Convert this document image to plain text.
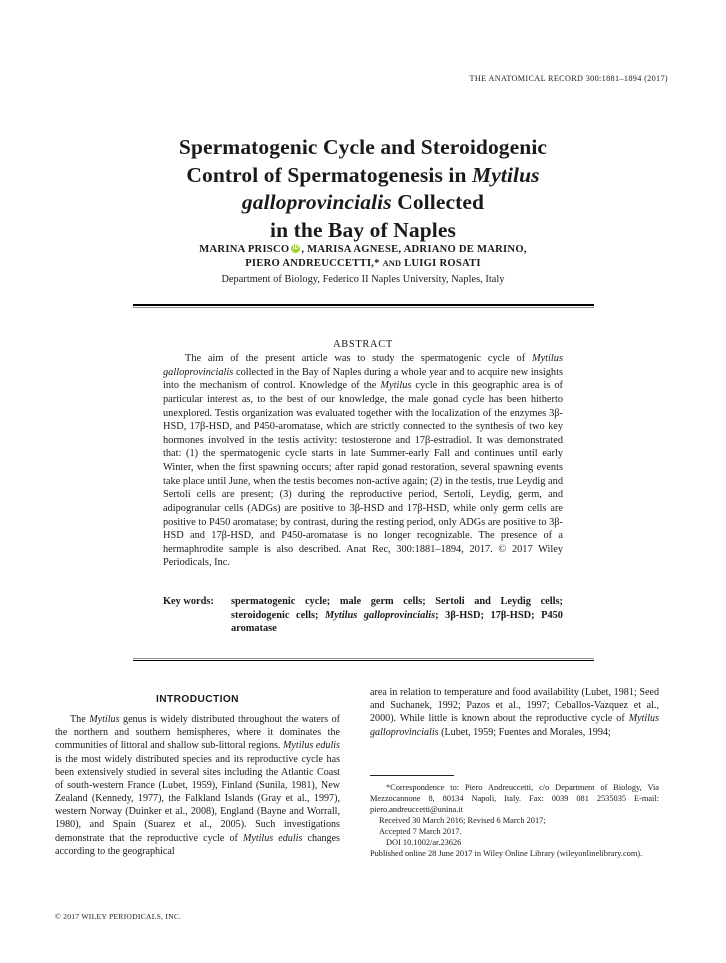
THE ANATOMICAL RECORD 300:1881–1894 (2017)
Spermatogenic Cycle and Steroidogenic
Control of Spermatogenesis in Mytilus
galloprovincialis Collected
in the Bay of Naples
MARINA PRISCO iD , MARISA AGNESE, ADRIANO DE MARINO,
PIERO ANDREUCCETTI,* AND LUIGI ROSATI
Department of Biology, Federico II Naples University, Naples, Italy
ABSTRACT
The aim of the present article was to study the spermatogenic cycle of Mytilus galloprovincialis collected in the Bay of Naples during a whole year and to acquire new insights into the mechanism of control. Knowledge of the Mytilus cycle in this geographic area is of particular interest as, to the best of our knowledge, the male gonad cycle has been hitherto unexplored. Testis organization was evaluated together with the localization of the enzymes 3β-HSD, 17β-HSD, and P450-aromatase, which are strictly connected to the synthesis of two key hormones involved in the testis activity: testosterone and 17β-estradiol. It was demonstrated that: (1) the spermatogenic cycle starts in late Summer-early Fall and continues until early Winter, when the first spawning occurs; after rapid gonad restoration, several spawning events take place until June, when the testis becomes non-active again; (2) in the testis, true Leydig and Sertoli cells are present; (3) during the reproductive period, Sertoli, Leydig, germ, and adipogranular cells (ADGs) are positive to 3β-HSD and 17β-HSD, while only germ cells are positive to P450 aromatase; by contrast, during the resting period, only ADGs are positive to 3β-HSD and 17β-HSD, and P450-aromatase is no longer recognizable. The presence of a hermaphrodite sample is also described. Anat Rec, 300:1881–1894, 2017. © 2017 Wiley Periodicals, Inc.
Key words: spermatogenic cycle; male germ cells; Sertoli and Leydig cells; steroidogenic cells; Mytilus galloprovincialis; 3β-HSD; 17β-HSD; P450 aromatase
INTRODUCTION
The Mytilus genus is widely distributed throughout the waters of the northern and southern hemispheres, where it dominates the communities of littoral and shallow sub-littoral regions. Mytilus edulis is the most widely distributed species and its reproductive cycle has been extensively studied in several sites including the Atlantic Coast of south-western France (Lubet, 1959), Finland (Sunila, 1981), New Zealand (Kennedy, 1977), the Falkland Islands (Gray et al., 1997), western Norway (Duinker et al., 2008), England (Bayne and Worrall, 1980), and Spain (Suarez et al., 2005). Such investigations demonstrate that the reproductive cycle of Mytilus edulis changes according to the geographical
area in relation to temperature and food availability (Lubet, 1981; Seed and Suchanek, 1992; Pazos et al., 1997; Ceballos-Vazquez et al., 2000). While little is known about the reproductive cycle of Mytilus galloprovincialis (Lubet, 1959; Fuentes and Morales, 1994;
*Correspondence to: Piero Andreuccetti, c/o Department of Biology, Via Mezzocannone 8, 80134 Napoli, Italy. Fax: 0039 081 2535035 E-mail: piero.andreuccetti@unina.it
Received 30 March 2016; Revised 6 March 2017;
Accepted 7 March 2017.
DOI 10.1002/ar.23626
Published online 28 June 2017 in Wiley Online Library (wileyonlinelibrary.com).
© 2017 WILEY PERIODICALS, INC.
